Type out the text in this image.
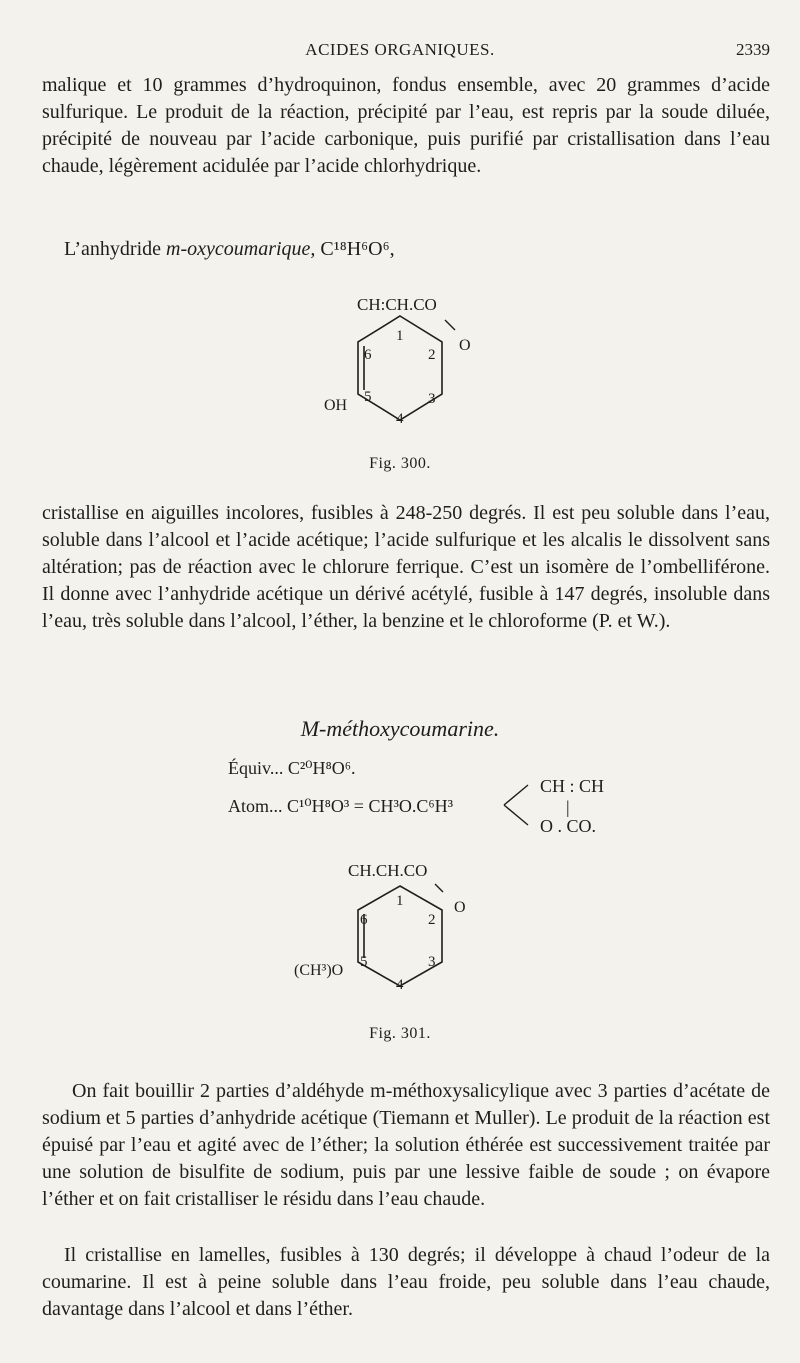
ACIDES ORGANIQUES.	2339

malique et 10 grammes d’hydroquinon, fondus ensemble, avec 20 grammes d’acide sulfurique. Le produit de la réaction, précipité par l’eau, est repris par la soude diluée, précipité de nouveau par l’acide carbonique, puis purifié par cristallisation dans l’eau chaude, légèrement acidulée par l’acide chlorhydrique.

L’anhydride m-oxycoumarique, C¹⁸H⁶O⁶,
CH:CH.CO
O
OH
1
2
3
4
5
6
Fig. 300.

cristallise en aiguilles incolores, fusibles à 248-250 degrés. Il est peu soluble dans l’eau, soluble dans l’alcool et l’acide acétique; l’acide sulfurique et les alcalis le dissolvent sans altération; pas de réaction avec le chlorure ferrique. C’est un isomère de l’ombelliférone. Il donne avec l’anhydride acétique un dérivé acétylé, fusible à 147 degrés, insoluble dans l’eau, très soluble dans l’alcool, l’éther, la benzine et le chloroforme (P. et W.).

M-méthoxycoumarine.
Équiv... C²⁰H⁸O⁶.
Atom... C¹⁰H⁸O³ = CH³O.C⁶H³
CH : CH
|
O . CO.
CH.CH.CO
O
(CH³)O
1
2
3
4
5
6
Fig. 301.

On fait bouillir 2 parties d’aldéhyde m-méthoxysalicylique avec 3 parties d’acétate de sodium et 5 parties d’anhydride acétique (Tiemann et Muller). Le produit de la réaction est épuisé par l’eau et agité avec de l’éther; la solution éthérée est successivement traitée par une solution de bisulfite de sodium, puis par une lessive faible de soude ; on évapore l’éther et on fait cristalliser le résidu dans l’eau chaude.

Il cristallise en lamelles, fusibles à 130 degrés; il développe à chaud l’odeur de la coumarine. Il est à peine soluble dans l’eau froide, peu soluble dans l’eau chaude, davantage dans l’alcool et dans l’éther.
